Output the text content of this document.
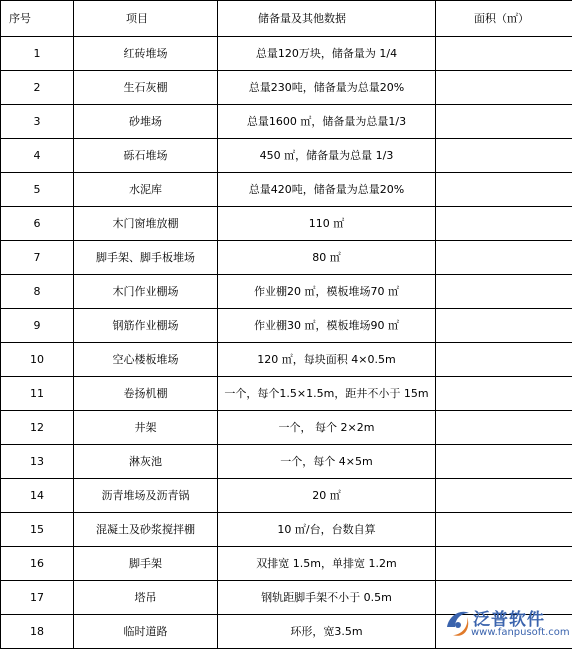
序号	项目	储备量及其他数据	面积（㎡）
1	红砖堆场	总量120万块，储备量为 1/4	
2	生石灰棚	总量230吨，储备量为总量20%	
3	砂堆场	总量1600 ㎡，储备量为总量1/3	
4	砾石堆场	450 ㎡，储备量为总量 1/3	
5	水泥库	总量420吨，储备量为总量20%	
6	木门窗堆放棚	110 ㎡	
7	脚手架、脚手板堆场	80 ㎡	
8	木门作业棚场	作业棚20 ㎡，模板堆场70 ㎡	
9	钢筋作业棚场	作业棚30 ㎡，模板堆场90 ㎡	
10	空心楼板堆场	120 ㎡，每块面积 4×0.5m	
11	卷扬机棚	一个，每个1.5×1.5m，距井不小于 15m	
12	井架	一个， 每个 2×2m	
13	淋灰池	一个，每个 4×5m	
14	沥青堆场及沥青锅	20 ㎡	
15	混凝土及砂浆搅拌棚	10 ㎡/台，台数自算	
16	脚手架	双排宽 1.5m，单排宽 1.2m	
17	塔吊	钢轨距脚手架不小于 0.5m	
18	临时道路	环形，宽3.5m	
泛普软件
www.fanpusoft.com
